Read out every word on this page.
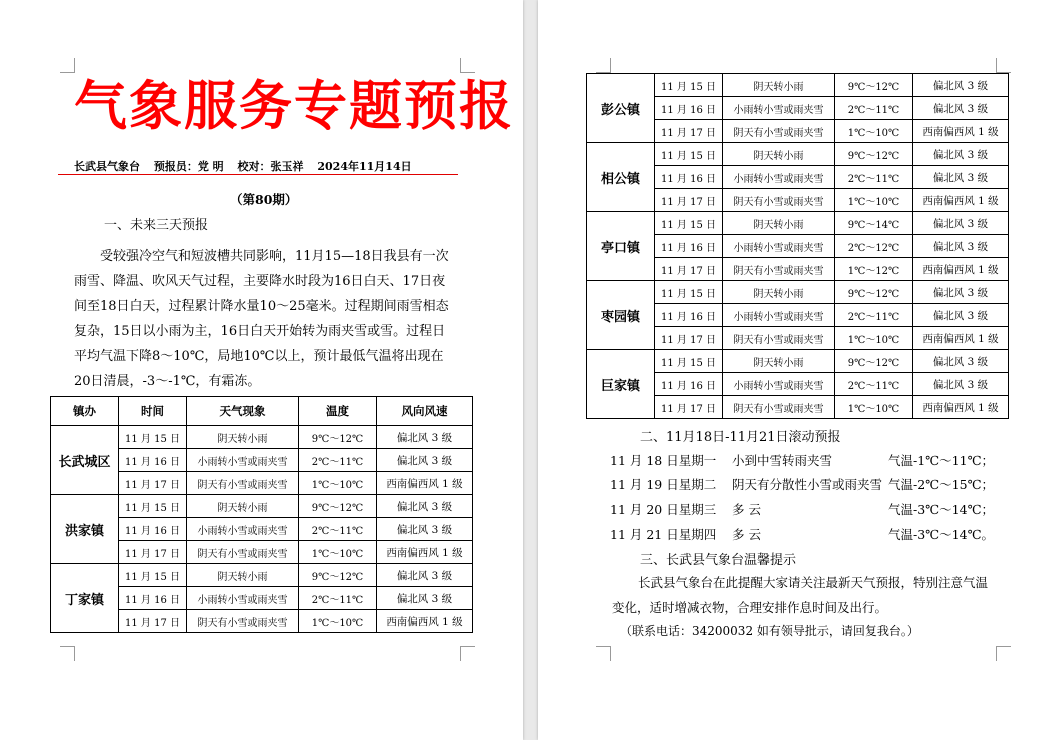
气象服务专题预报
长武县气象台 预报员：党 明 校对：张玉祥 2024年11月14日
（第80期）
一、未来三天预报

受较强冷空气和短波槽共同影响，11月15—18日我县有一次雨雪、降温、吹风天气过程，主要降水时段为16日白天、17日夜间至18日白天，过程累计降水量10～25毫米。过程期间雨雪相态复杂，15日以小雨为主，16日白天开始转为雨夹雪或雪。过程日平均气温下降8～10℃，局地10℃以上，预计最低气温将出现在20日清晨，-3～-1℃，有霜冻。

镇办	时间	天气现象	温度	风向风速
长武城区	11 月 15 日	阴天转小雨	9℃～12℃	偏北风 3 级
	11 月 16 日	小雨转小雪或雨夹雪	2℃～11℃	偏北风 3 级
	11 月 17 日	阴天有小雪或雨夹雪	1℃～10℃	西南偏西风 1 级
洪家镇	11 月 15 日	阴天转小雨	9℃～12℃	偏北风 3 级
	11 月 16 日	小雨转小雪或雨夹雪	2℃～11℃	偏北风 3 级
	11 月 17 日	阴天有小雪或雨夹雪	1℃～10℃	西南偏西风 1 级
丁家镇	11 月 15 日	阴天转小雨	9℃～12℃	偏北风 3 级
	11 月 16 日	小雨转小雪或雨夹雪	2℃～11℃	偏北风 3 级
	11 月 17 日	阴天有小雪或雨夹雪	1℃～10℃	西南偏西风 1 级
彭公镇	11 月 15 日	阴天转小雨	9℃～12℃	偏北风 3 级
	11 月 16 日	小雨转小雪或雨夹雪	2℃～11℃	偏北风 3 级
	11 月 17 日	阴天有小雪或雨夹雪	1℃～10℃	西南偏西风 1 级
相公镇	11 月 15 日	阴天转小雨	9℃～12℃	偏北风 3 级
	11 月 16 日	小雨转小雪或雨夹雪	2℃～11℃	偏北风 3 级
	11 月 17 日	阴天有小雪或雨夹雪	1℃～10℃	西南偏西风 1 级
亭口镇	11 月 15 日	阴天转小雨	9℃～14℃	偏北风 3 级
	11 月 16 日	小雨转小雪或雨夹雪	2℃～12℃	偏北风 3 级
	11 月 17 日	阴天有小雪或雨夹雪	1℃～12℃	西南偏西风 1 级
枣园镇	11 月 15 日	阴天转小雨	9℃～12℃	偏北风 3 级
	11 月 16 日	小雨转小雪或雨夹雪	2℃～11℃	偏北风 3 级
	11 月 17 日	阴天有小雪或雨夹雪	1℃～10℃	西南偏西风 1 级
巨家镇	11 月 15 日	阴天转小雨	9℃～12℃	偏北风 3 级
	11 月 16 日	小雨转小雪或雨夹雪	2℃～11℃	偏北风 3 级
	11 月 17 日	阴天有小雪或雨夹雪	1℃～10℃	西南偏西风 1 级
二、11月18日-11月21日滚动预报
11 月 18 日星期一 小到中雪转雨夹雪	气温-1℃～11℃；
11 月 19 日星期二 阴天有分散性小雪或雨夹雪 气温-2℃～15℃；
11 月 20 日星期三 多 云	气温-3℃～14℃；
11 月 21 日星期四 多 云	气温-3℃～14℃。
三、长武县气象台温馨提示

长武县气象台在此提醒大家请关注最新天气预报，特别注意气温变化，适时增减衣物，合理安排作息时间及出行。

（联系电话：34200032 如有领导批示，请回复我台。）
